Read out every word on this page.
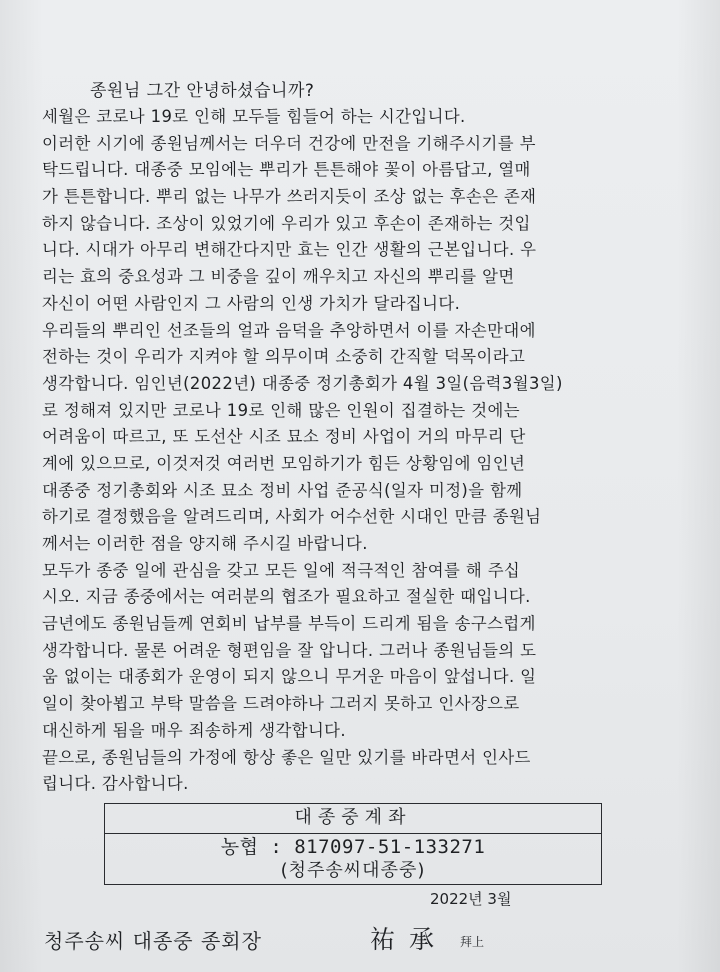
종원님 그간 안녕하셨습니까?
세월은 코로나 19로 인해 모두들 힘들어 하는 시간입니다.
이러한 시기에 종원님께서는 더우더 건강에 만전을 기해주시기를 부
탁드립니다. 대종중 모임에는 뿌리가 튼튼해야 꽃이 아름답고, 열매
가 튼튼합니다. 뿌리 없는 나무가 쓰러지듯이 조상 없는 후손은 존재
하지 않습니다. 조상이 있었기에 우리가 있고 후손이 존재하는 것입
니다. 시대가 아무리 변해간다지만 효는 인간 생활의 근본입니다. 우
리는 효의 중요성과 그 비중을 깊이 깨우치고 자신의 뿌리를 알면
자신이 어떤 사람인지 그 사람의 인생 가치가 달라집니다.
우리들의 뿌리인 선조들의 얼과 음덕을 추앙하면서 이를 자손만대에
전하는 것이 우리가 지켜야 할 의무이며 소중히 간직할 덕목이라고
생각합니다. 임인년(2022년) 대종중 정기총회가 4월 3일(음력3월3일)
로 정해져 있지만 코로나 19로 인해 많은 인원이 집결하는 것에는
어려움이 따르고, 또 도선산 시조 묘소 정비 사업이 거의 마무리 단
계에 있으므로, 이것저것 여러번 모임하기가 힘든 상황임에 임인년
대종중 정기총회와 시조 묘소 정비 사업 준공식(일자 미정)을 함께
하기로 결정했음을 알려드리며, 사회가 어수선한 시대인 만큼 종원님
께서는 이러한 점을 양지해 주시길 바랍니다.
모두가 종중 일에 관심을 갖고 모든 일에 적극적인 참여를 해 주십
시오. 지금 종중에서는 여러분의 협조가 필요하고 절실한 때입니다.
금년에도 종원님들께 연회비 납부를 부득이 드리게 됨을 송구스럽게
생각합니다. 물론 어려운 형편임을 잘 압니다. 그러나 종원님들의 도
움 없이는 대종회가 운영이 되지 않으니 무거운 마음이 앞섭니다. 일
일이 찾아뵙고 부탁 말씀을 드려야하나 그러지 못하고 인사장으로
대신하게 됨을 매우 죄송하게 생각합니다.
끝으로, 종원님들의 가정에 항상 좋은 일만 있기를 바라면서 인사드
립니다. 감사합니다.
대종중계좌
농협 : 817097-51-133271
(청주송씨대종중)
2022년 3월
청주송씨 대종중 종회장	祐承 拜上
